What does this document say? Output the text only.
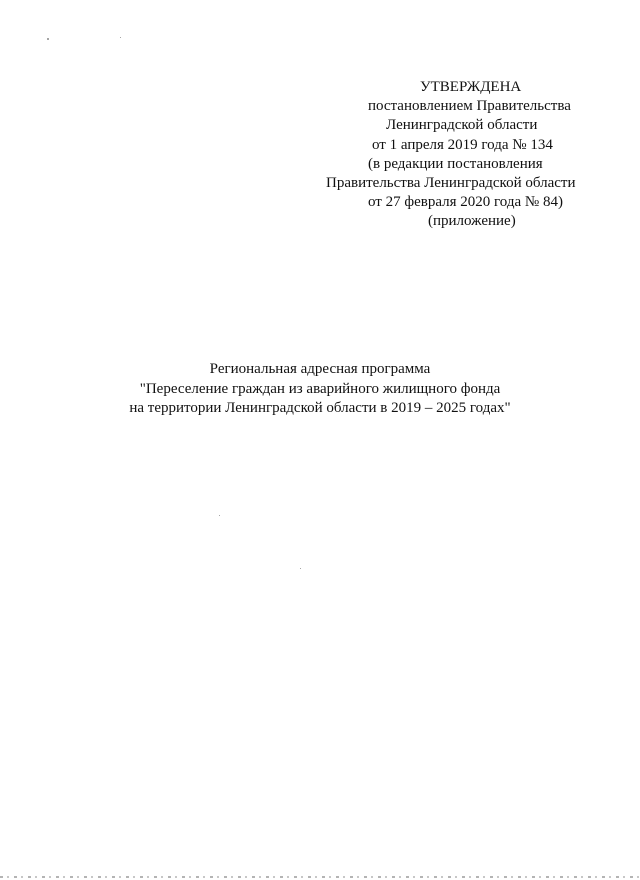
УТВЕРЖДЕНА
постановлением Правительства
Ленинградской области
от 1 апреля 2019 года № 134
(в редакции постановления
Правительства Ленинградской области
от 27 февраля 2020 года № 84)
(приложение)
Региональная адресная программа
"Переселение граждан из аварийного жилищного фонда
на территории Ленинградской области в 2019 – 2025 годах"
